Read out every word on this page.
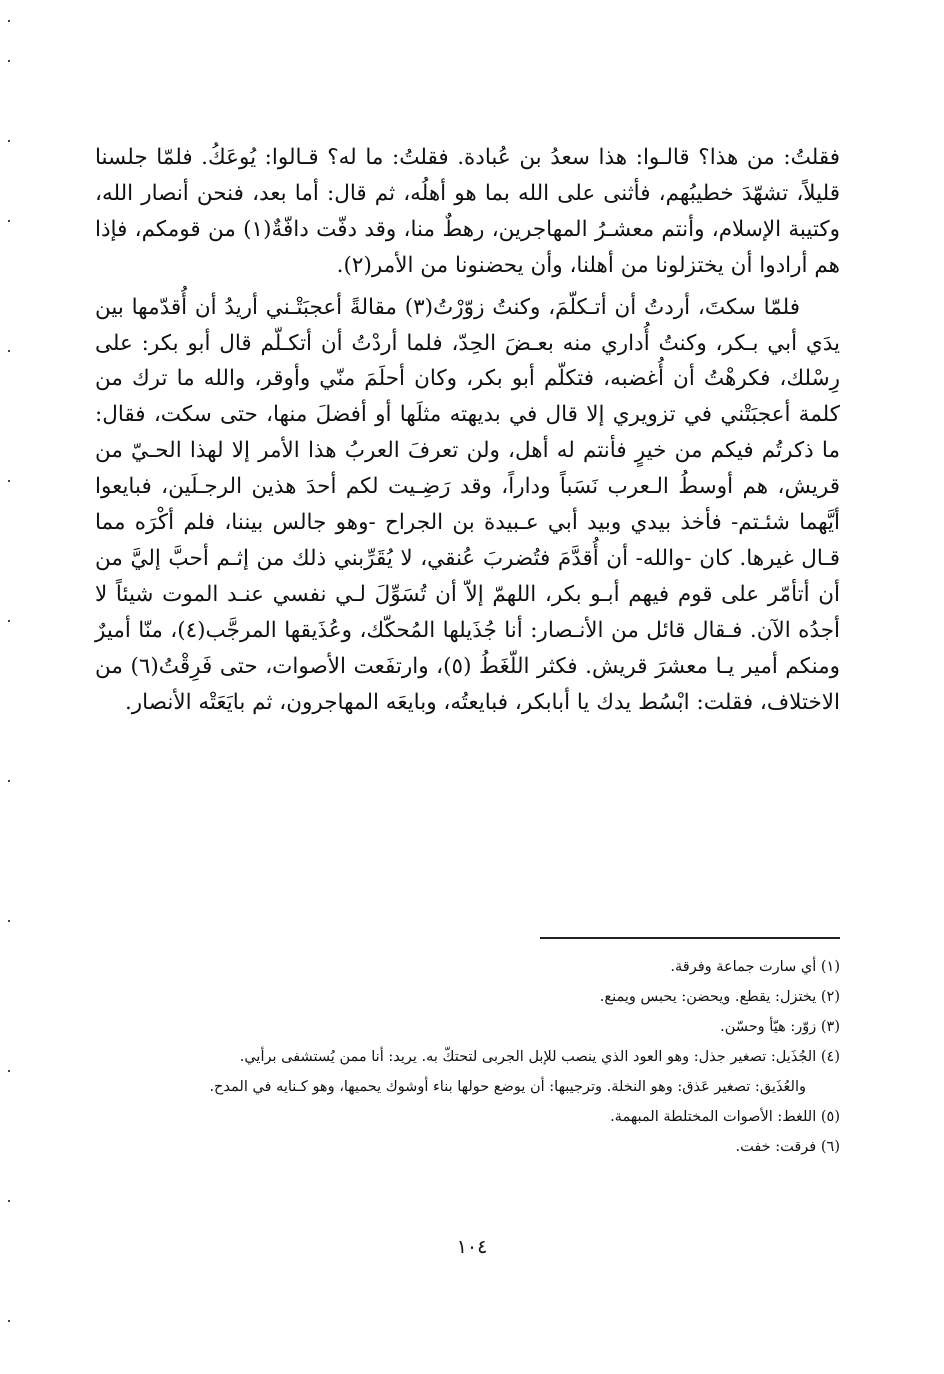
فقلتُ: من هذا؟ قالـوا: هذا سعدُ بن عُبادة. فقلتُ: ما له؟ قـالوا: يُوعَكُ. فلمّا جلسنا قليلاً، تشهّدَ خطيبُهم، فأثنى على الله بما هو أهلُه، ثم قال: أما بعد، فنحن أنصار الله، وكتيبة الإسلام، وأنتم معشـرُ المهاجرين، رهطٌ منا، وقد دفّت دافّةٌ(١) من قومكم، فإذا هم أرادوا أن يختزلونا من أهلنا، وأن يحضنونا من الأمر(٢).

فلمّا سكتَ، أردتُ أن أتـكلّمَ، وكنتُ زوّرْتُ(٣) مقالةً أعجبَتْـني أريدُ أن أُقدّمها بين يدَي أبي بـكر، وكنتُ أُداري منه بعـضَ الحِدّ، فلما أردْتُ أن أتكـلّم قال أبو بكر: على رِسْلك، فكرهْتُ أن أُغضبه، فتكلّم أبو بكر، وكان أحلَمَ منّي وأوقر، والله ما ترك من كلمة أعجبَتْني في تزويري إلا قال في بديهته مثلَها أو أفضلَ منها، حتى سكت، فقال: ما ذكرتُم فيكم من خيرٍ فأنتم له أهل، ولن تعرفَ العربُ هذا الأمر إلا لهذا الحـيّ من قريش، هم أوسطُ الـعرب نَسَباً وداراً، وقد رَضِـيت لكم أحدَ هذين الرجـلَين، فبايعوا أيَّهما شئـتم- فأخذ بيدي وبيد أبي عـبيدة بن الجراح -وهو جالس بيننا، فلم أكْرَه مما قـال غيرها. كان -والله- أن أُقدَّمَ فتُضربَ عُنقي، لا يُقَرِّبني ذلك من إثـم أحبَّ إليَّ من أن أتأمّر على قوم فيهم أبـو بكر، اللهمّ إلاّ أن تُسَوِّلَ لـي نفسي عنـد الموت شيئاً لا أجدُه الآن. فـقال قائل من الأنـصار: أنا جُذَيلها المُحكّك، وعُذَيقها المرجَّب(٤)، منّا أميرٌ ومنكم أمير يـا معشرَ قريش. فكثر اللّغَطُ (٥)، وارتفَعت الأصوات، حتى فَرِقْتُ(٦) من الاختلاف، فقلت: ابْسُط يدك يا أبابكر، فبايعتُه، وبايعَه المهاجرون، ثم بايَعَتْه الأنصار.

(١) أي سارت جماعة وفرقة.
(٢) يختزل: يقطع. ويحضن: يحبس ويمنع.
(٣) زوّر: هيّأ وحسّن.
(٤) الجُذَيل: تصغير جذل: وهو العود الذي ينصب للإبل الجربى لتحتكّ به. يريد: أنا ممن يُستشفى برأيي.
والعُذَيق: تصغير عَذق: وهو النخلة. وترجيبها: أن يوضع حولها بناء أوشوك يحميها، وهو كـنايه في المدح.
(٥) اللغط: الأصوات المختلطة المبهمة.
(٦) فرقت: خفت.
١٠٤
